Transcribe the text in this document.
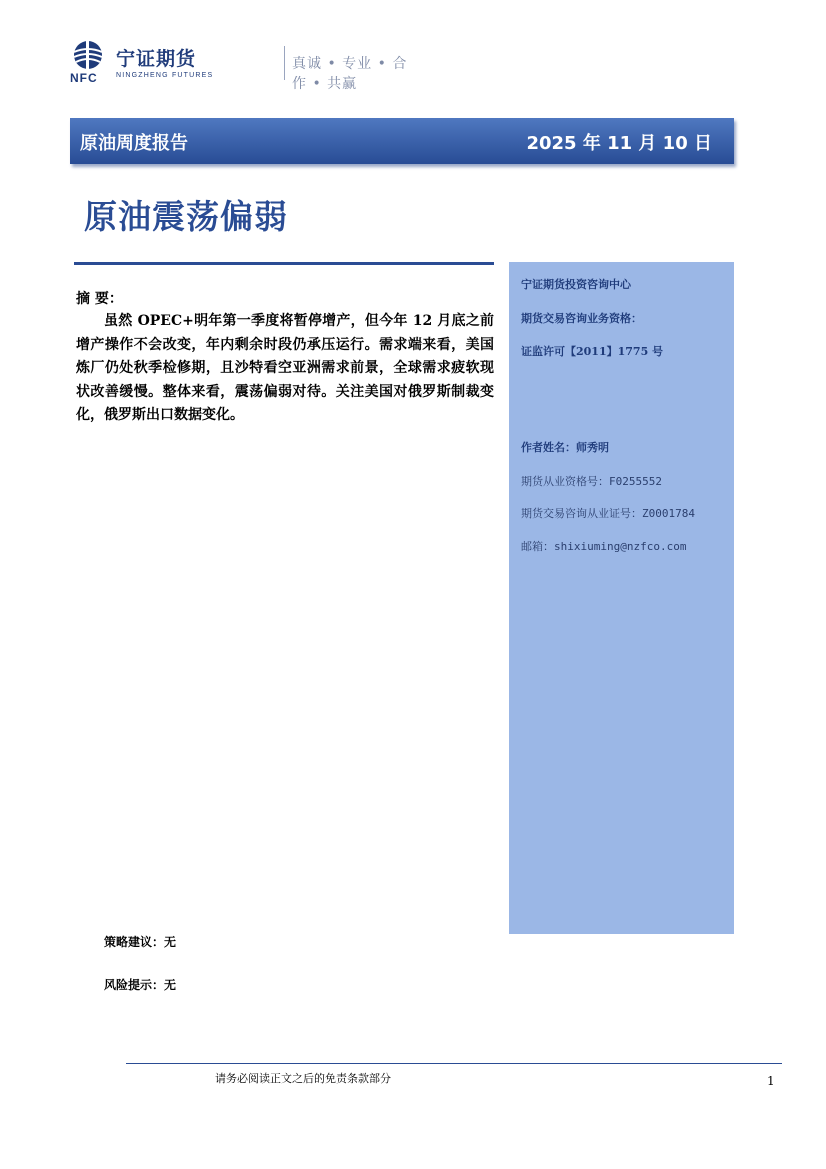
NFC
宁证期货
NINGZHENG FUTURES
真诚 • 专业 • 合作 • 共赢
原油周度报告	2025 年 11 月 10 日
原油震荡偏弱
摘 要：
虽然 OPEC+明年第一季度将暂停增产，但今年 12 月底之前增产操作不会改变，年内剩余时段仍承压运行。需求端来看，美国炼厂仍处秋季检修期，且沙特看空亚洲需求前景，全球需求疲软现状改善缓慢。整体来看，震荡偏弱对待。关注美国对俄罗斯制裁变化，俄罗斯出口数据变化。
宁证期货投资咨询中心
期货交易咨询业务资格：
证监许可【2011】1775 号
作者姓名：师秀明
期货从业资格号：F0255552
期货交易咨询从业证号：Z0001784
邮箱：shixiuming@nzfco.com
策略建议：无
风险提示：无
请务必阅读正文之后的免责条款部分	1
